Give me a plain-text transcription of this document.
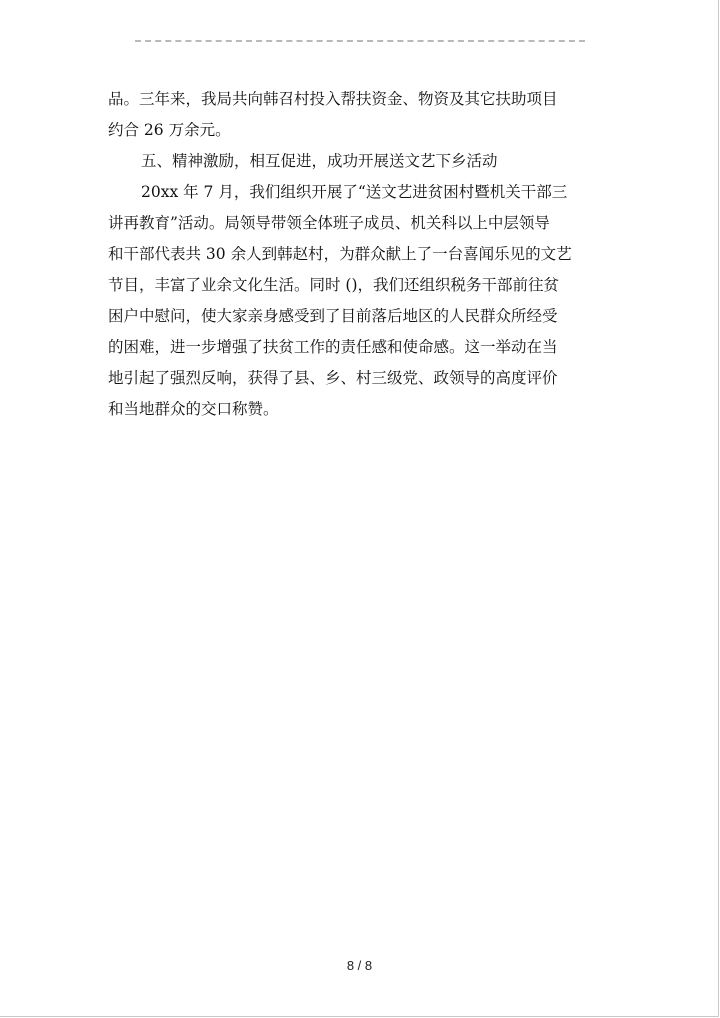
品。三年来，我局共向韩召村投入帮扶资金、物资及其它扶助项目

约合 26 万余元。

五、精神激励，相互促进，成功开展送文艺下乡活动

20xx 年 7 月，我们组织开展了“送文艺进贫困村暨机关干部三

讲再教育”活动。局领导带领全体班子成员、机关科以上中层领导

和干部代表共 30 余人到韩赵村，为群众献上了一台喜闻乐见的文艺

节目，丰富了业余文化生活。同时 ()，我们还组织税务干部前往贫

困户中慰问，使大家亲身感受到了目前落后地区的人民群众所经受

的困难，进一步增强了扶贫工作的责任感和使命感。这一举动在当

地引起了强烈反响，获得了县、乡、村三级党、政领导的高度评价

和当地群众的交口称赞。

8 / 8
